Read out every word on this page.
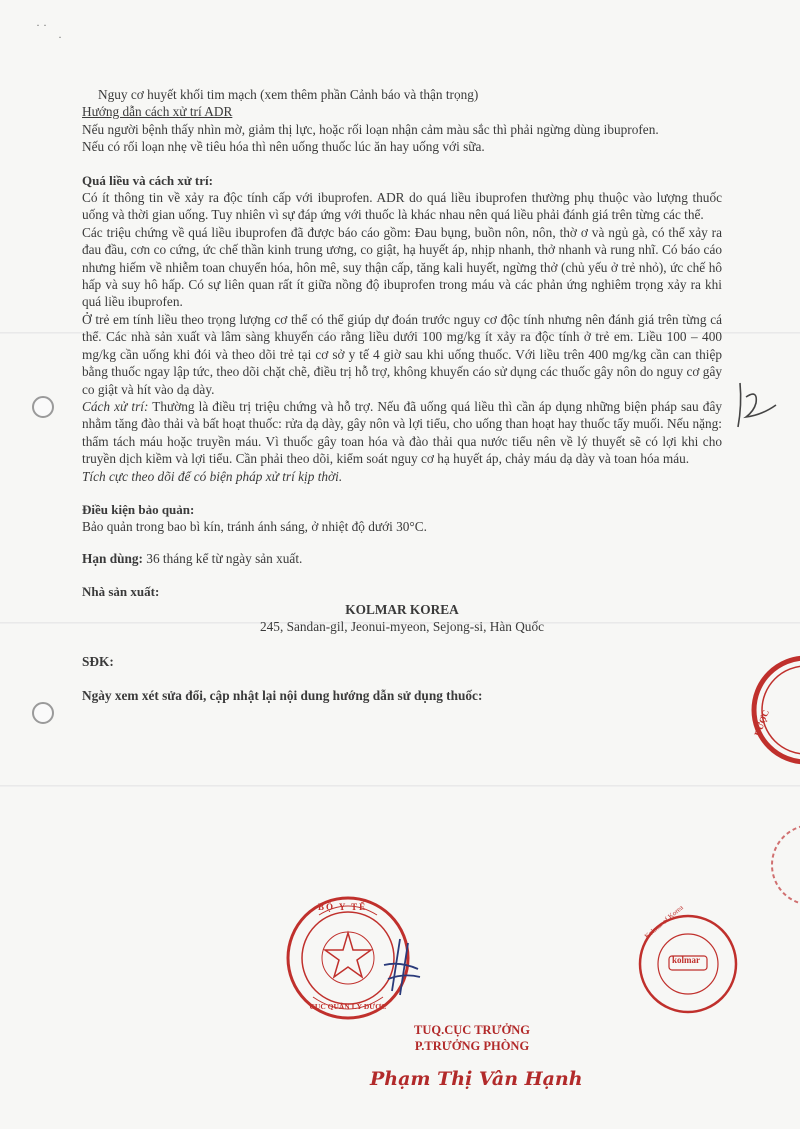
· ·
·

Nguy cơ huyết khối tim mạch (xem thêm phần Cảnh báo và thận trọng)

Hướng dẫn cách xử trí ADR

Nếu người bệnh thấy nhìn mờ, giảm thị lực, hoặc rối loạn nhận cảm màu sắc thì phải ngừng dùng ibuprofen.

Nếu có rối loạn nhẹ về tiêu hóa thì nên uống thuốc lúc ăn hay uống với sữa.

Quá liều và cách xử trí:

Có ít thông tin về xảy ra độc tính cấp với ibuprofen. ADR do quá liều ibuprofen thường phụ thuộc vào lượng thuốc uống và thời gian uống. Tuy nhiên vì sự đáp ứng với thuốc là khác nhau nên quá liều phải đánh giá trên từng các thể.

Các triệu chứng về quá liều ibuprofen đã được báo cáo gồm: Đau bụng, buồn nôn, nôn, thờ ơ và ngủ gà, có thể xảy ra đau đầu, cơn co cứng, ức chế thần kinh trung ương, co giật, hạ huyết áp, nhịp nhanh, thở nhanh và rung nhĩ. Có báo cáo nhưng hiếm về nhiễm toan chuyển hóa, hôn mê, suy thận cấp, tăng kali huyết, ngừng thở (chủ yếu ở trẻ nhỏ), ức chế hô hấp và suy hô hấp. Có sự liên quan rất ít giữa nồng độ ibuprofen trong máu và các phản ứng nghiêm trọng xảy ra khi quá liều ibuprofen.

Ở trẻ em tính liều theo trọng lượng cơ thể có thể giúp dự đoán trước nguy cơ độc tính nhưng nên đánh giá trên từng cá thể. Các nhà sản xuất và lâm sàng khuyến cáo rằng liều dưới 100 mg/kg ít xảy ra độc tính ở trẻ em. Liều 100 – 400 mg/kg cần uống khi đói và theo dõi trẻ tại cơ sở y tế 4 giờ sau khi uống thuốc. Với liều trên 400 mg/kg cần can thiệp bằng thuốc ngay lập tức, theo dõi chặt chẽ, điều trị hỗ trợ, không khuyến cáo sử dụng các thuốc gây nôn do nguy cơ gây co giật và hít vào dạ dày.

Cách xử trí: Thường là điều trị triệu chứng và hỗ trợ. Nếu đã uống quá liều thì cần áp dụng những biện pháp sau đây nhằm tăng đào thải và bất hoạt thuốc: rửa dạ dày, gây nôn và lợi tiểu, cho uống than hoạt hay thuốc tẩy muối. Nếu nặng: thẩm tách máu hoặc truyền máu. Vì thuốc gây toan hóa và đào thải qua nước tiểu nên về lý thuyết sẽ có lợi khi cho truyền dịch kiềm và lợi tiểu. Cần phải theo dõi, kiểm soát nguy cơ hạ huyết áp, chảy máu dạ dày và toan hóa máu.

Tích cực theo dõi để có biện pháp xử trí kịp thời.

Điều kiện bảo quản:

Bảo quản trong bao bì kín, tránh ánh sáng, ở nhiệt độ dưới 30°C.

Hạn dùng: 36 tháng kể từ ngày sản xuất.

Nhà sản xuất:

KOLMAR KOREA

245, Sandan-gil, Jeonui-myeon, Sejong-si, Hàn Quốc

SĐK:

Ngày xem xét sửa đổi, cập nhật lại nội dung hướng dẫn sử dụng thuốc:

DƯỢC
BỘ Y TẾ
CỤC QUẢN LÝ DƯỢC
kolmar
Kolmar of Korea
TUQ.CỤC TRƯỞNG
P.TRƯỞNG PHÒNG
Phạm Thị Vân Hạnh
